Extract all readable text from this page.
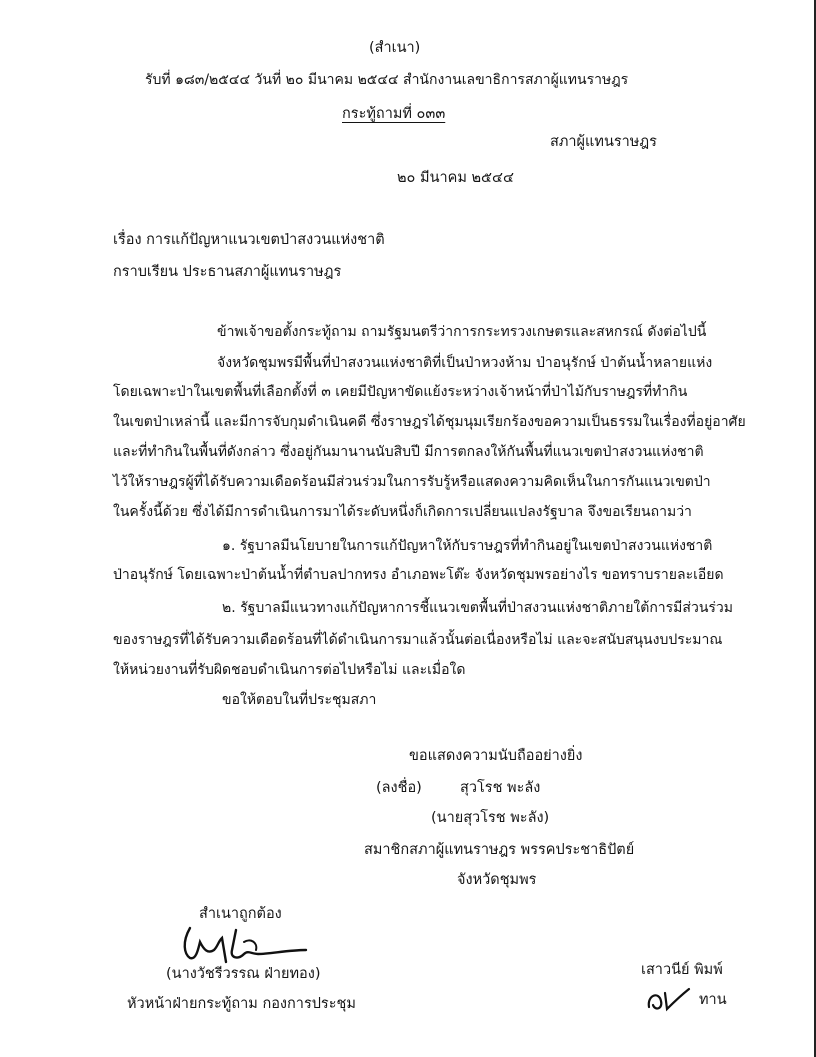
(สำเนา)
รับที่ ๑๘๓/๒๕๔๔ วันที่ ๒๐ มีนาคม ๒๕๔๔ สำนักงานเลขาธิการสภาผู้แทนราษฎร
กระทู้ถามที่ ๐๓๓
สภาผู้แทนราษฎร
๒๐ มีนาคม ๒๕๔๔
เรื่อง การแก้ปัญหาแนวเขตป่าสงวนแห่งชาติ
กราบเรียน ประธานสภาผู้แทนราษฎร
ข้าพเจ้าขอตั้งกระทู้ถาม ถามรัฐมนตรีว่าการกระทรวงเกษตรและสหกรณ์ ดังต่อไปนี้
จังหวัดชุมพรมีพื้นที่ป่าสงวนแห่งชาติที่เป็นป่าหวงห้าม ป่าอนุรักษ์ ป่าต้นน้ำหลายแห่ง
โดยเฉพาะป่าในเขตพื้นที่เลือกตั้งที่ ๓ เคยมีปัญหาขัดแย้งระหว่างเจ้าหน้าที่ป่าไม้กับราษฎรที่ทำกิน
ในเขตป่าเหล่านี้ และมีการจับกุมดำเนินคดี ซึ่งราษฎรได้ชุมนุมเรียกร้องขอความเป็นธรรมในเรื่องที่อยู่อาศัย
และที่ทำกินในพื้นที่ดังกล่าว ซึ่งอยู่กันมานานนับสิบปี มีการตกลงให้กันพื้นที่แนวเขตป่าสงวนแห่งชาติ
ไว้ให้ราษฎรผู้ที่ได้รับความเดือดร้อนมีส่วนร่วมในการรับรู้หรือแสดงความคิดเห็นในการกันแนวเขตป่า
ในครั้งนี้ด้วย ซึ่งได้มีการดำเนินการมาได้ระดับหนึ่งก็เกิดการเปลี่ยนแปลงรัฐบาล จึงขอเรียนถามว่า
๑. รัฐบาลมีนโยบายในการแก้ปัญหาให้กับราษฎรที่ทำกินอยู่ในเขตป่าสงวนแห่งชาติ
ป่าอนุรักษ์ โดยเฉพาะป่าต้นน้ำที่ตำบลปากทรง อำเภอพะโต๊ะ จังหวัดชุมพรอย่างไร ขอทราบรายละเอียด
๒. รัฐบาลมีแนวทางแก้ปัญหาการชี้แนวเขตพื้นที่ป่าสงวนแห่งชาติภายใต้การมีส่วนร่วม
ของราษฎรที่ได้รับความเดือดร้อนที่ได้ดำเนินการมาแล้วนั้นต่อเนื่องหรือไม่ และจะสนับสนุนงบประมาณ
ให้หน่วยงานที่รับผิดชอบดำเนินการต่อไปหรือไม่ และเมื่อใด
ขอให้ตอบในที่ประชุมสภา
ขอแสดงความนับถืออย่างยิ่ง
(ลงชื่อ)	สุวโรช พะลัง
(นายสุวโรช พะลัง)
สมาชิกสภาผู้แทนราษฎร พรรคประชาธิปัตย์
จังหวัดชุมพร
สำเนาถูกต้อง
(นางวัชรีวรรณ ฝ่ายทอง)
หัวหน้าฝ่ายกระทู้ถาม กองการประชุม
เสาวนีย์ พิมพ์
ทาน
